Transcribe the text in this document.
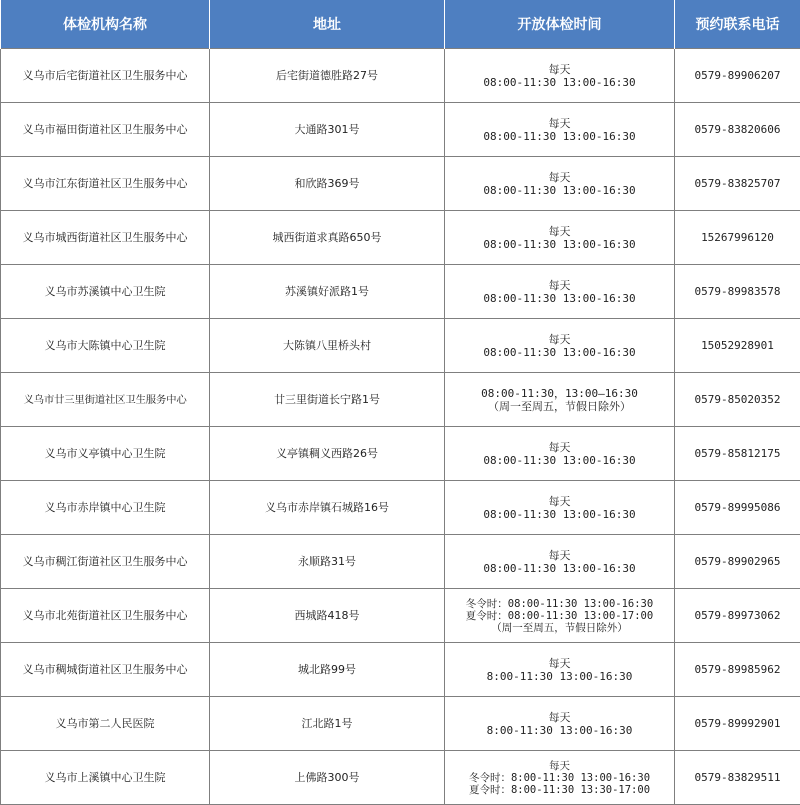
体检机构名称	地址	开放体检时间	预约联系电话
义乌市后宅街道社区卫生服务中心	后宅街道德胜路27号	每天
08:00-11:30 13:00-16:30	0579-89906207
义乌市福田街道社区卫生服务中心	大通路301号	每天
08:00-11:30 13:00-16:30	0579-83820606
义乌市江东街道社区卫生服务中心	和欣路369号	每天
08:00-11:30 13:00-16:30	0579-83825707
义乌市城西街道社区卫生服务中心	城西街道求真路650号	每天
08:00-11:30 13:00-16:30	15267996120
义乌市苏溪镇中心卫生院	苏溪镇好派路1号	每天
08:00-11:30 13:00-16:30	0579-89983578
义乌市大陈镇中心卫生院	大陈镇八里桥头村	每天
08:00-11:30 13:00-16:30	15052928901
义乌市廿三里街道社区卫生服务中心	廿三里街道长宁路1号	08:00-11:30，13:00—16:30
（周一至周五，节假日除外）	0579-85020352
义乌市义亭镇中心卫生院	义亭镇稠义西路26号	每天
08:00-11:30 13:00-16:30	0579-85812175
义乌市赤岸镇中心卫生院	义乌市赤岸镇石城路16号	每天
08:00-11:30 13:00-16:30	0579-89995086
义乌市稠江街道社区卫生服务中心	永顺路31号	每天
08:00-11:30 13:00-16:30	0579-89902965
义乌市北苑街道社区卫生服务中心	西城路418号	冬令时：08:00-11:30 13:00-16:30
夏令时：08:00-11:30 13:00-17:00
（周一至周五，节假日除外）	0579-89973062
义乌市稠城街道社区卫生服务中心	城北路99号	每天
8:00-11:30 13:00-16:30	0579-89985962
义乌市第二人民医院	江北路1号	每天
8:00-11:30 13:00-16:30	0579-89992901
义乌市上溪镇中心卫生院	上佛路300号	每天
冬令时：8:00-11:30 13:00-16:30
夏令时：8:00-11:30 13:30-17:00	0579-83829511
